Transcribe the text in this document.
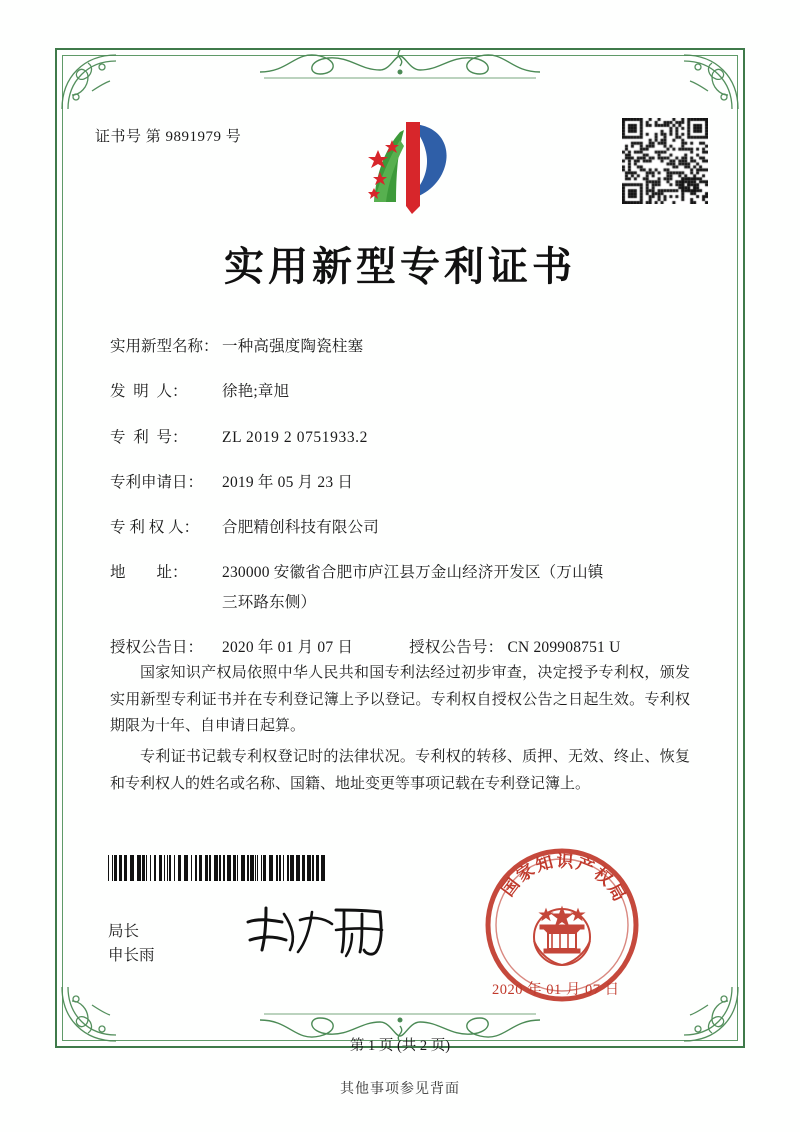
证书号 第 9891979 号
实用新型专利证书
实用新型名称： 一种高强度陶瓷柱塞
发  明  人：	徐艳;章旭
专  利  号：	ZL 2019 2 0751933.2
专利申请日：	2019 年 05 月 23 日
专 利 权 人：	合肥精创科技有限公司
地        址：	230000 安徽省合肥市庐江县万金山经济开发区（万山镇
三环路东侧）
授权公告日：	2020 年 01 月 07 日	授权公告号： CN 209908751 U

国家知识产权局依照中华人民共和国专利法经过初步审查，决定授予专利权，颁发实用新型专利证书并在专利登记簿上予以登记。专利权自授权公告之日起生效。专利权期限为十年、自申请日起算。

专利证书记载专利权登记时的法律状况。专利权的转移、质押、无效、终止、恢复和专利权人的姓名或名称、国籍、地址变更等事项记载在专利登记簿上。

局长
申长雨
国家知识产权局
2020 年 01 月 07 日
第 1 页 (共 2 页)
其他事项参见背面
